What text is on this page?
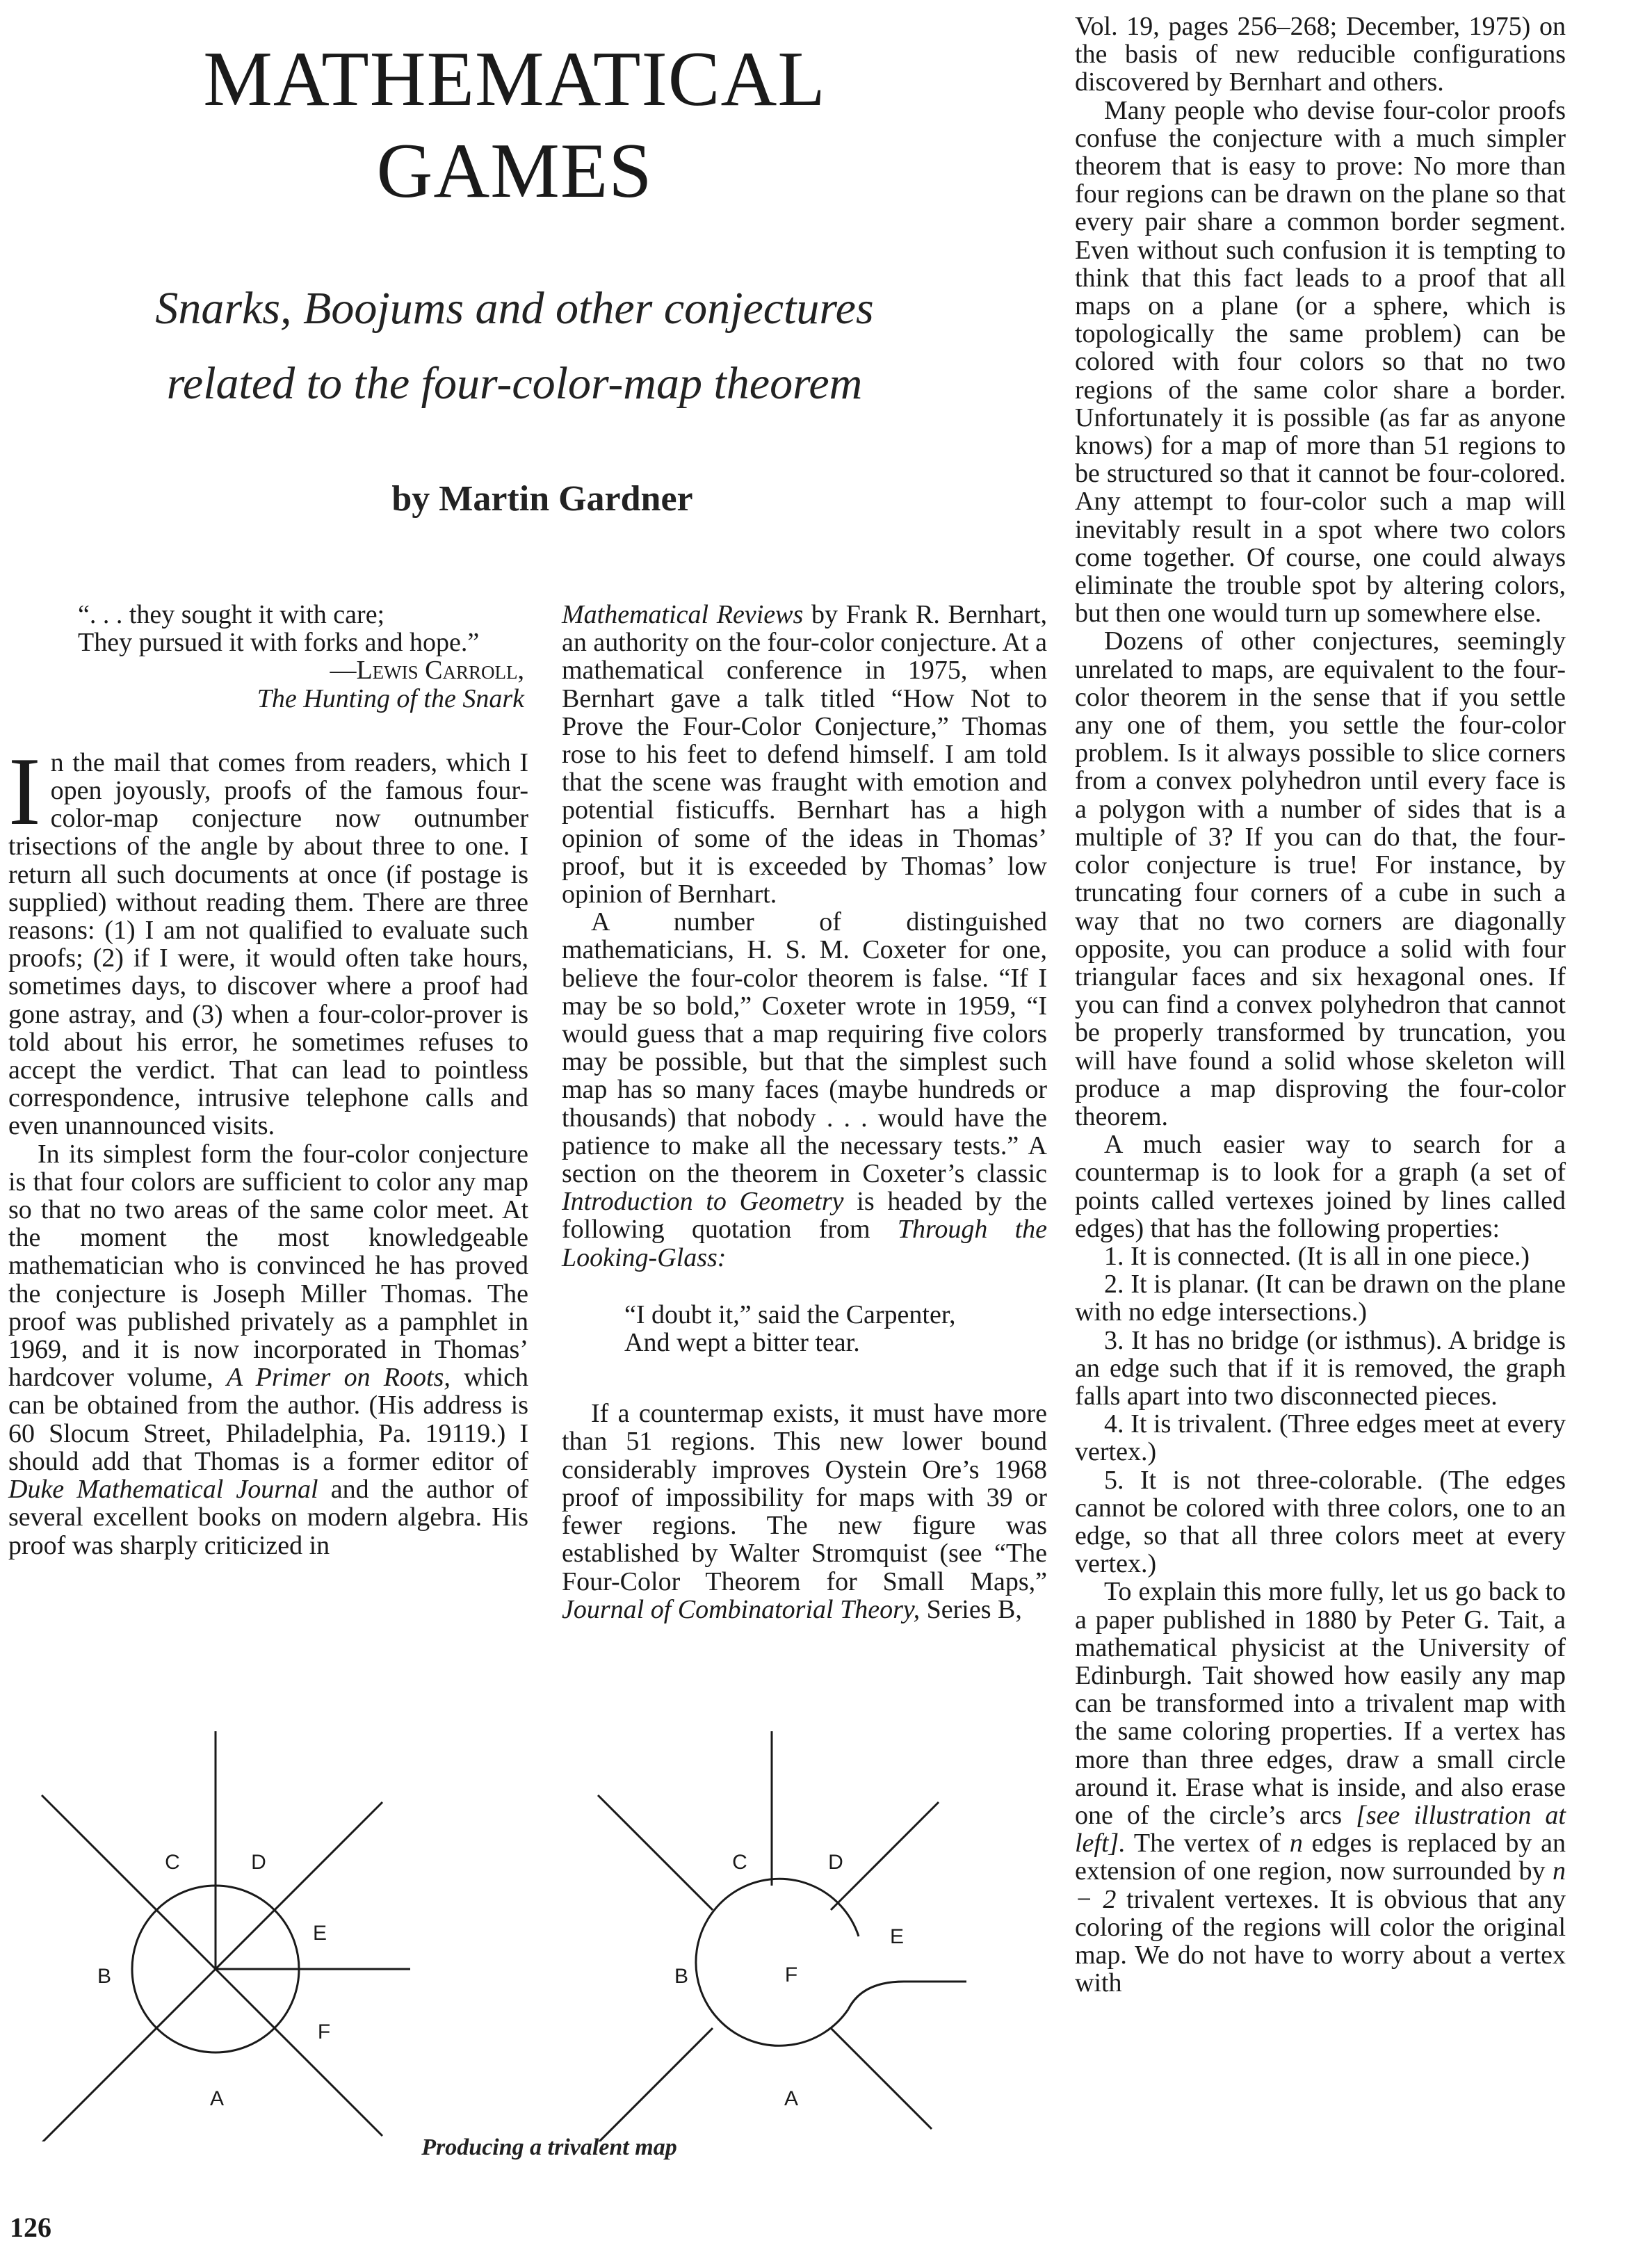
MATHEMATICAL
GAMES
Snarks, Boojums and other conjectures
related to the four-color-map theorem
by Martin Gardner
“. . . they sought it with care;
They pursued it with forks and hope.”
—Lewis Carroll,
The Hunting of the Snark

In the mail that comes from readers, which I open joyously, proofs of the famous four-color-map conjecture now outnumber trisections of the angle by about three to one. I return all such documents at once (if postage is supplied) without reading them. There are three reasons: (1) I am not qualified to evaluate such proofs; (2) if I were, it would often take hours, sometimes days, to discover where a proof had gone astray, and (3) when a four-color-prover is told about his error, he sometimes refuses to accept the verdict. That can lead to pointless correspondence, intrusive telephone calls and even unannounced visits.

In its simplest form the four-color conjecture is that four colors are sufficient to color any map so that no two areas of the same color meet. At the moment the most knowledgeable mathematician who is convinced he has proved the conjecture is Joseph Miller Thomas. The proof was published privately as a pamphlet in 1969, and it is now incorporated in Thomas’ hardcover volume, A Primer on Roots, which can be obtained from the author. (His address is 60 Slocum Street, Philadelphia, Pa. 19119.) I should add that Thomas is a former editor of Duke Mathematical Journal and the author of several excellent books on modern algebra. His proof was sharply criticized in

Mathematical Reviews by Frank R. Bernhart, an authority on the four-color conjecture. At a mathematical conference in 1975, when Bernhart gave a talk titled “How Not to Prove the Four-Color Conjecture,” Thomas rose to his feet to defend himself. I am told that the scene was fraught with emotion and potential fisticuffs. Bernhart has a high opinion of some of the ideas in Thomas’ proof, but it is exceeded by Thomas’ low opinion of Bernhart.

A number of distinguished mathematicians, H. S. M. Coxeter for one, believe the four-color theorem is false. “If I may be so bold,” Coxeter wrote in 1959, “I would guess that a map requiring five colors may be possible, but that the simplest such map has so many faces (maybe hundreds or thousands) that nobody . . . would have the patience to make all the necessary tests.” A section on the theorem in Coxeter’s classic Introduction to Geometry is headed by the following quotation from Through the Looking-Glass:

“I doubt it,” said the Carpenter,
And wept a bitter tear.

If a countermap exists, it must have more than 51 regions. This new lower bound considerably improves Oystein Ore’s 1968 proof of impossibility for maps with 39 or fewer regions. The new figure was established by Walter Stromquist (see “The Four-Color Theorem for Small Maps,” Journal of Combinatorial Theory, Series B,

Vol. 19, pages 256–268; December, 1975) on the basis of new reducible configurations discovered by Bernhart and others.

Many people who devise four-color proofs confuse the conjecture with a much simpler theorem that is easy to prove: No more than four regions can be drawn on the plane so that every pair share a common border segment. Even without such confusion it is tempting to think that this fact leads to a proof that all maps on a plane (or a sphere, which is topologically the same problem) can be colored with four colors so that no two regions of the same color share a border. Unfortunately it is possible (as far as anyone knows) for a map of more than 51 regions to be structured so that it cannot be four-colored. Any attempt to four-color such a map will inevitably result in a spot where two colors come together. Of course, one could always eliminate the trouble spot by altering colors, but then one would turn up somewhere else.

Dozens of other conjectures, seemingly unrelated to maps, are equivalent to the four-color theorem in the sense that if you settle any one of them, you settle the four-color problem. Is it always possible to slice corners from a convex polyhedron until every face is a polygon with a number of sides that is a multiple of 3? If you can do that, the four-color conjecture is true! For instance, by truncating four corners of a cube in such a way that no two corners are diagonally opposite, you can produce a solid with four triangular faces and six hexagonal ones. If you can find a convex polyhedron that cannot be properly transformed by truncation, you will have found a solid whose skeleton will produce a map disproving the four-color theorem.

A much easier way to search for a countermap is to look for a graph (a set of points called vertexes joined by lines called edges) that has the following properties:

1. It is connected. (It is all in one piece.)

2. It is planar. (It can be drawn on the plane with no edge intersections.)

3. It has no bridge (or isthmus). A bridge is an edge such that if it is removed, the graph falls apart into two disconnected pieces.

4. It is trivalent. (Three edges meet at every vertex.)

5. It is not three-colorable. (The edges cannot be colored with three colors, one to an edge, so that all three colors meet at every vertex.)

To explain this more fully, let us go back to a paper published in 1880 by Peter G. Tait, a mathematical physicist at the University of Edinburgh. Tait showed how easily any map can be transformed into a trivalent map with the same coloring properties. If a vertex has more than three edges, draw a small circle around it. Erase what is inside, and also erase one of the circle’s arcs [see illustration at left]. The vertex of n edges is replaced by an extension of one region, now surrounded by n − 2 trivalent vertexes. It is obvious that any coloring of the regions will color the original map. We do not have to worry about a vertex with

C	D
E
B
F
A
C	D
E
B	F
A
Producing a trivalent map
126
